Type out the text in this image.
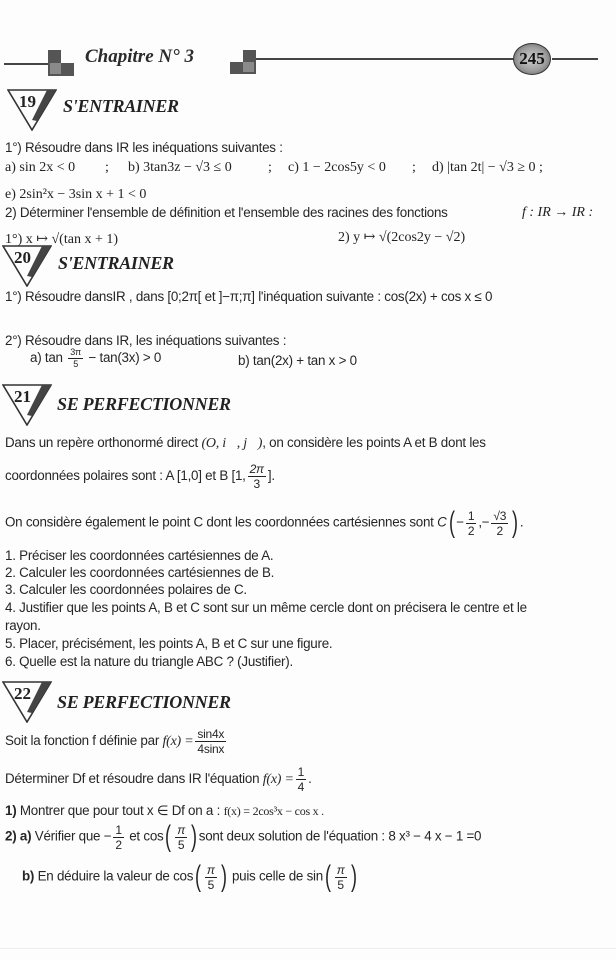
Chapitre N° 3	245
19 S'ENTRAINER
1°) Résoudre dans IR les inéquations suivantes :
a) sin 2x < 0 ; b) 3tan3z − √3 ≤ 0	; c) 1 − 2cos5y < 0 ; d) |tan 2t| − √3 ≥ 0 ;
e) 2sin²x − 3sin x + 1 < 0
2) Déterminer l'ensemble de définition et l'ensemble des racines des fonctions	f : IR → IR :
1°) x ↦ √(tan x + 1)	2) y ↦ √(2cos2y − √2)
20 S'ENTRAINER
1°) Résoudre dansIR , dans [0;2π[ et ]−π;π] l'inéquation suivante : cos(2x) + cos x ≤ 0
2°) Résoudre dans IR, les inéquations suivantes :
a) $\tan \frac{3\pi}{5} - \tan(3x) > 0$	b) tan(2x) + tan x > 0
21 SE PERFECTIONNER
Dans un repère orthonormé direct (O, i⃗, j⃗), on considère les points A et B dont les
coordonnées polaires sont : A [1,0] et B [1, $\frac{2\pi}{3}$ ].
On considère également le point C dont les coordonnées cartésiennes sont $C( - \frac{1}{2}$ ,− $\frac{√3}{2}$ ) .
1. Préciser les coordonnées cartésiennes de A.
2. Calculer les coordonnées cartésiennes de B.
3. Calculer les coordonnées polaires de C.
4. Justifier que les points A, B et C sont sur un même cercle dont on précisera le centre et le
rayon.
5. Placer, précisément, les points A, B et C sur une figure.
6. Quelle est la nature du triangle ABC ? (Justifier).
22 SE PERFECTIONNER
Soit la fonction f définie par $f(x) = \frac{\sin 4x}{4\sin x}$
Déterminer Df et résoudre dans IR l'équation $f(x) = \frac{1}{4}$ .
1) Montrer que pour tout x ∈ Df on a : f(x) = 2cos³x − cos x .
2) a) Vérifier que − $\frac{1}{2}$ et $\cos( \frac{\pi}{5}$ ) sont deux solution de l'équation : 8 x³ − 4 x − 1 =0
b) En déduire la valeur de $\cos( \frac{\pi}{5}$ ) puis celle de $\sin( \frac{\pi}{5}$ )
